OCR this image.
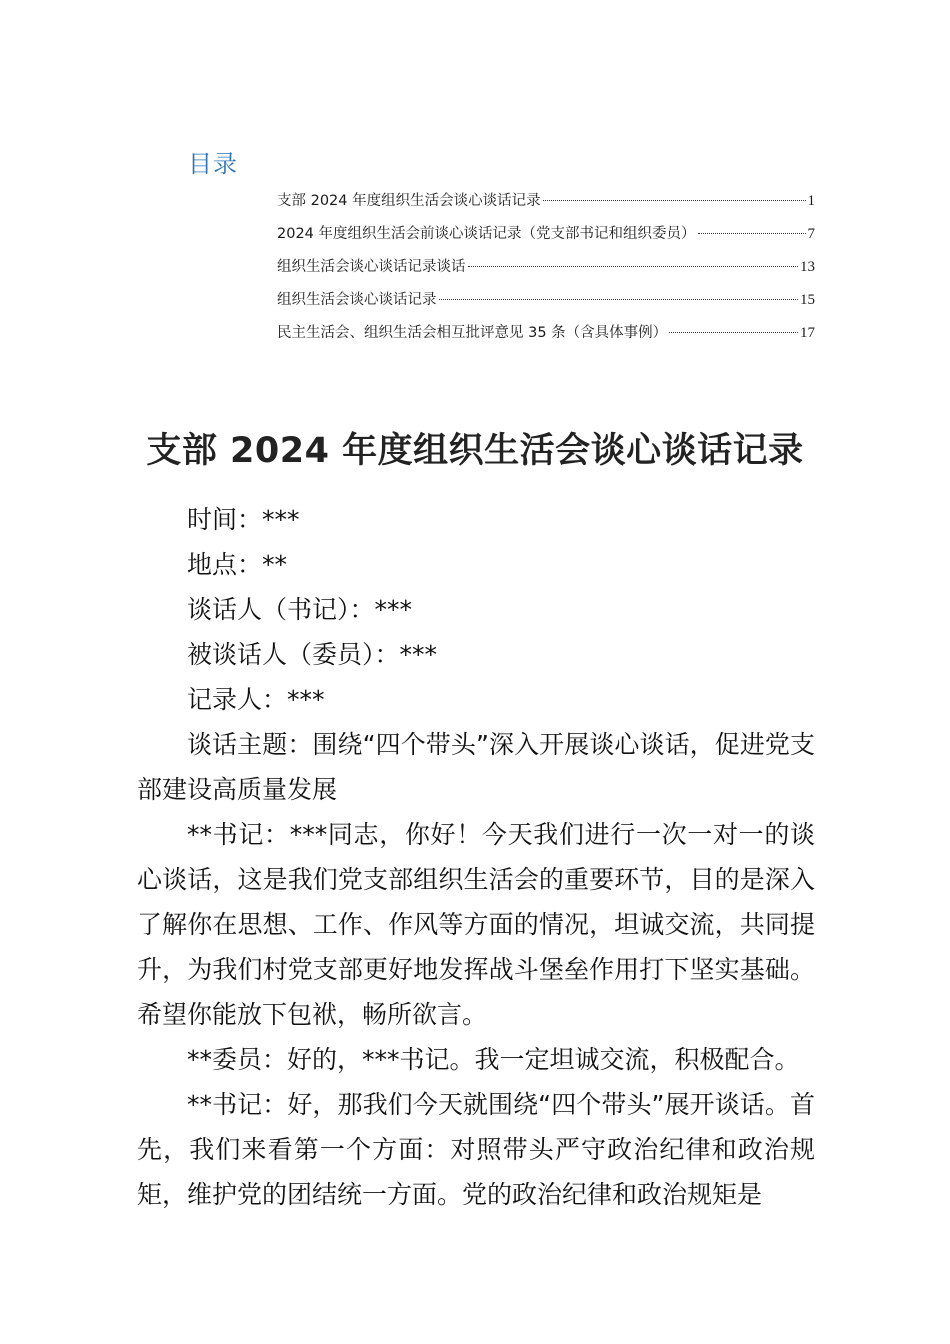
目录
支部 2024 年度组织生活会谈心谈话记录	1
2024 年度组织生活会前谈心谈话记录（党支部书记和组织委员）	7
组织生活会谈心谈话记录谈话	13
组织生活会谈心谈话记录	15
民主生活会、组织生活会相互批评意见 35 条（含具体事例）	17
支部 2024 年度组织生活会谈心谈话记录

时间：***

地点：**

谈话人（书记）：***

被谈话人（委员）：***

记录人：***

谈话主题：围绕“四个带头”深入开展谈心谈话，促进党支部建设高质量发展

**书记：***同志，你好！今天我们进行一次一对一的谈心谈话，这是我们党支部组织生活会的重要环节，目的是深入了解你在思想、工作、作风等方面的情况，坦诚交流，共同提升，为我们村党支部更好地发挥战斗堡垒作用打下坚实基础。希望你能放下包袱，畅所欲言。

**委员：好的，***书记。我一定坦诚交流，积极配合。

**书记：好，那我们今天就围绕“四个带头”展开谈话。首先，我们来看第一个方面：对照带头严守政治纪律和政治规矩，维护党的团结统一方面。党的政治纪律和政治规矩是
